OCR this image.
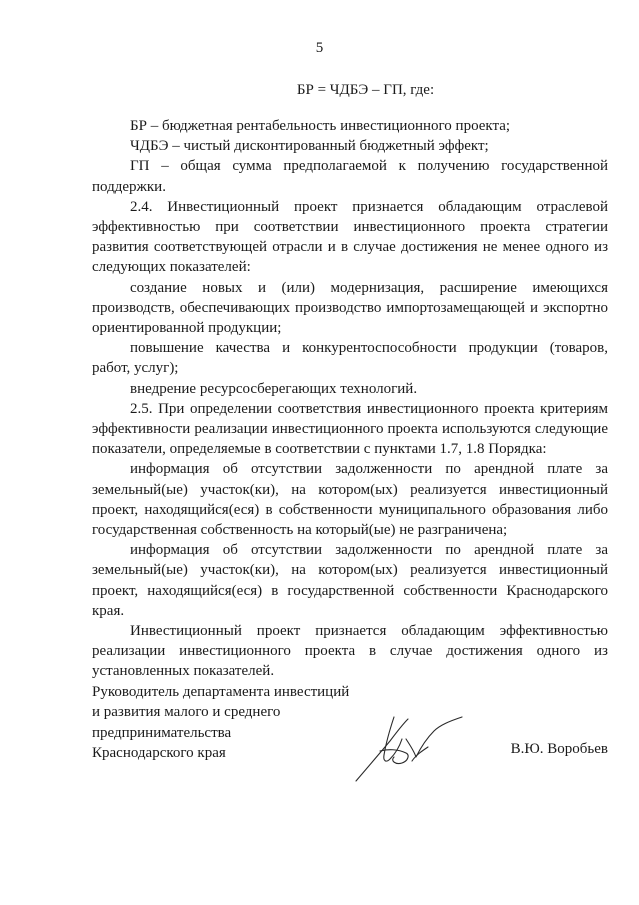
5

БР = ЧДБЭ – ГП, где:

БР – бюджетная рентабельность инвестиционного проекта;

ЧДБЭ – чистый дисконтированный бюджетный эффект;

ГП – общая сумма предполагаемой к получению государственной поддержки.

2.4. Инвестиционный проект признается обладающим отраслевой эффективностью при соответствии инвестиционного проекта стратегии развития соответствующей отрасли и в случае достижения не менее одного из следующих показателей:

создание новых и (или) модернизация, расширение имеющихся производств, обеспечивающих производство импортозамещающей и экспортно ориентированной продукции;

повышение качества и конкурентоспособности продукции (товаров, работ, услуг);

внедрение ресурсосберегающих технологий.

2.5. При определении соответствия инвестиционного проекта критериям эффективности реализации инвестиционного проекта используются следующие показатели, определяемые в соответствии с пунктами 1.7, 1.8 Порядка:

информация об отсутствии задолженности по арендной плате за земельный(ые) участок(ки), на котором(ых) реализуется инвестиционный проект, находящийся(еся) в собственности муниципального образования либо государственная собственность на который(ые) не разграничена;

информация об отсутствии задолженности по арендной плате за земельный(ые) участок(ки), на котором(ых) реализуется инвестиционный проект, находящийся(еся) в государственной собственности Краснодарского края.

Инвестиционный проект признается обладающим эффективностью реализации инвестиционного проекта в случае достижения одного из установленных показателей.

Руководитель департамента инвестиций
и развития малого и среднего
предпринимательства
Краснодарского края	В.Ю. Воробьев
